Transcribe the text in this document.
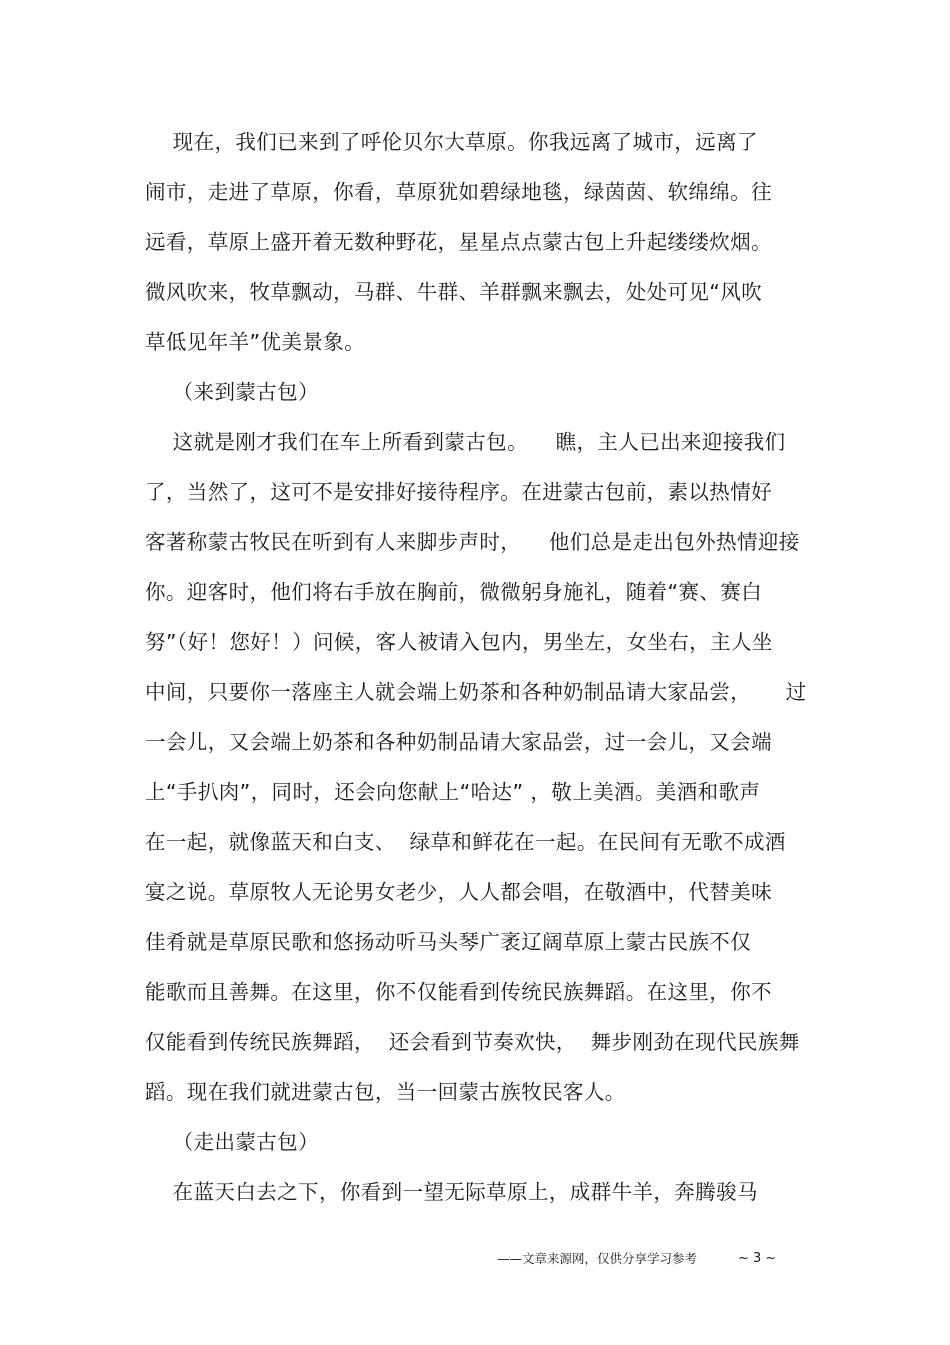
现在，我们已来到了呼伦贝尔大草原。你我远离了城市，远离了
闹市，走进了草原，你看，草原犹如碧绿地毯，绿茵茵、软绵绵。往
远看，草原上盛开着无数种野花，星星点点蒙古包上升起缕缕炊烟。
微风吹来，牧草飘动，马群、牛群、羊群飘来飘去，处处可见“风吹
草低见年羊”优美景象。
（来到蒙古包）
这就是刚才我们在车上所看到蒙古包。    瞧，主人已出来迎接我们
了，当然了，这可不是安排好接待程序。在进蒙古包前，素以热情好
客著称蒙古牧民在听到有人来脚步声时，    他们总是走出包外热情迎接
你。迎客时，他们将右手放在胸前，微微躬身施礼，随着“赛、赛白
努”（好！您好！）问候，客人被请入包内，男坐左，女坐右，主人坐
中间，只要你一落座主人就会端上奶茶和各种奶制品请大家品尝，     过
一会儿，又会端上奶茶和各种奶制品请大家品尝，过一会儿，又会端
上“手扒肉”，同时，还会向您献上“哈达” ，敬上美酒。美酒和歌声
在一起，就像蓝天和白支、  绿草和鲜花在一起。在民间有无歌不成酒
宴之说。草原牧人无论男女老少，人人都会唱，在敬酒中，代替美味
佳肴就是草原民歌和悠扬动听马头琴广袤辽阔草原上蒙古民族不仅
能歌而且善舞。在这里，你不仅能看到传统民族舞蹈。在这里，你不
仅能看到传统民族舞蹈，  还会看到节奏欢快，  舞步刚劲在现代民族舞
蹈。现在我们就进蒙古包，当一回蒙古族牧民客人。
（走出蒙古包）
在蓝天白去之下，你看到一望无际草原上，成群牛羊，奔腾骏马
——文章来源网，仅供分享学习参考	~ 3 ~
